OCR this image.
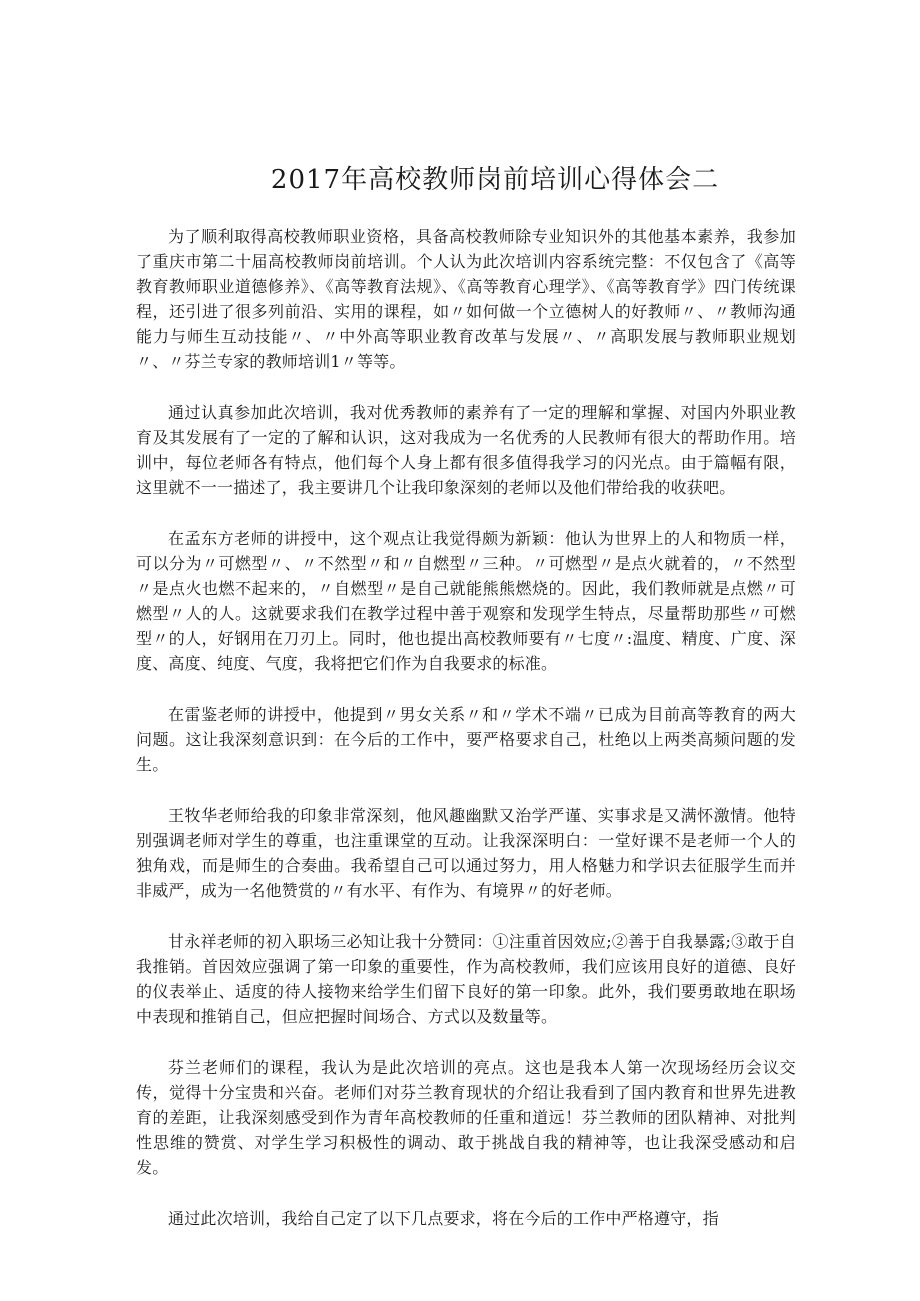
2017年高校教师岗前培训心得体会二

为了顺利取得高校教师职业资格，具备高校教师除专业知识外的其他基本素养，我参加了重庆市第二十届高校教师岗前培训。个人认为此次培训内容系统完整：不仅包含了《高等教育教师职业道德修养》、《高等教育法规》、《高等教育心理学》、《高等教育学》四门传统课程，还引进了很多列前沿、实用的课程，如〃如何做一个立德树人的好教师〃、〃教师沟通能力与师生互动技能〃、〃中外高等职业教育改革与发展〃、〃高职发展与教师职业规划〃、〃芬兰专家的教师培训1〃等等。

通过认真参加此次培训，我对优秀教师的素养有了一定的理解和掌握、对国内外职业教育及其发展有了一定的了解和认识，这对我成为一名优秀的人民教师有很大的帮助作用。培训中，每位老师各有特点，他们每个人身上都有很多值得我学习的闪光点。由于篇幅有限，这里就不一一描述了，我主要讲几个让我印象深刻的老师以及他们带给我的收获吧。

在孟东方老师的讲授中，这个观点让我觉得颇为新颖：他认为世界上的人和物质一样，可以分为〃可燃型〃、〃不然型〃和〃自燃型〃三种。〃可燃型〃是点火就着的，〃不然型〃是点火也燃不起来的，〃自燃型〃是自己就能熊熊燃烧的。因此，我们教师就是点燃〃可燃型〃人的人。这就要求我们在教学过程中善于观察和发现学生特点，尽量帮助那些〃可燃型〃的人，好钢用在刀刃上。同时，他也提出高校教师要有〃七度〃:温度、精度、广度、深度、高度、纯度、气度，我将把它们作为自我要求的标准。

在雷鉴老师的讲授中，他提到〃男女关系〃和〃学术不端〃已成为目前高等教育的两大问题。这让我深刻意识到：在今后的工作中，要严格要求自己，杜绝以上两类高频问题的发生。

王牧华老师给我的印象非常深刻，他风趣幽默又治学严谨、实事求是又满怀激情。他特别强调老师对学生的尊重，也注重课堂的互动。让我深深明白：一堂好课不是老师一个人的独角戏，而是师生的合奏曲。我希望自己可以通过努力，用人格魅力和学识去征服学生而并非威严，成为一名他赞赏的〃有水平、有作为、有境界〃的好老师。

甘永祥老师的初入职场三必知让我十分赞同：①注重首因效应;②善于自我暴露;③敢于自我推销。首因效应强调了第一印象的重要性，作为高校教师，我们应该用良好的道德、良好的仪表举止、适度的待人接物来给学生们留下良好的第一印象。此外，我们要勇敢地在职场中表现和推销自己，但应把握时间场合、方式以及数量等。

芬兰老师们的课程，我认为是此次培训的亮点。这也是我本人第一次现场经历会议交传，觉得十分宝贵和兴奋。老师们对芬兰教育现状的介绍让我看到了国内教育和世界先进教育的差距，让我深刻感受到作为青年高校教师的任重和道远！芬兰教师的团队精神、对批判性思维的赞赏、对学生学习积极性的调动、敢于挑战自我的精神等，也让我深受感动和启发。

通过此次培训，我给自己定了以下几点要求，将在今后的工作中严格遵守，指
